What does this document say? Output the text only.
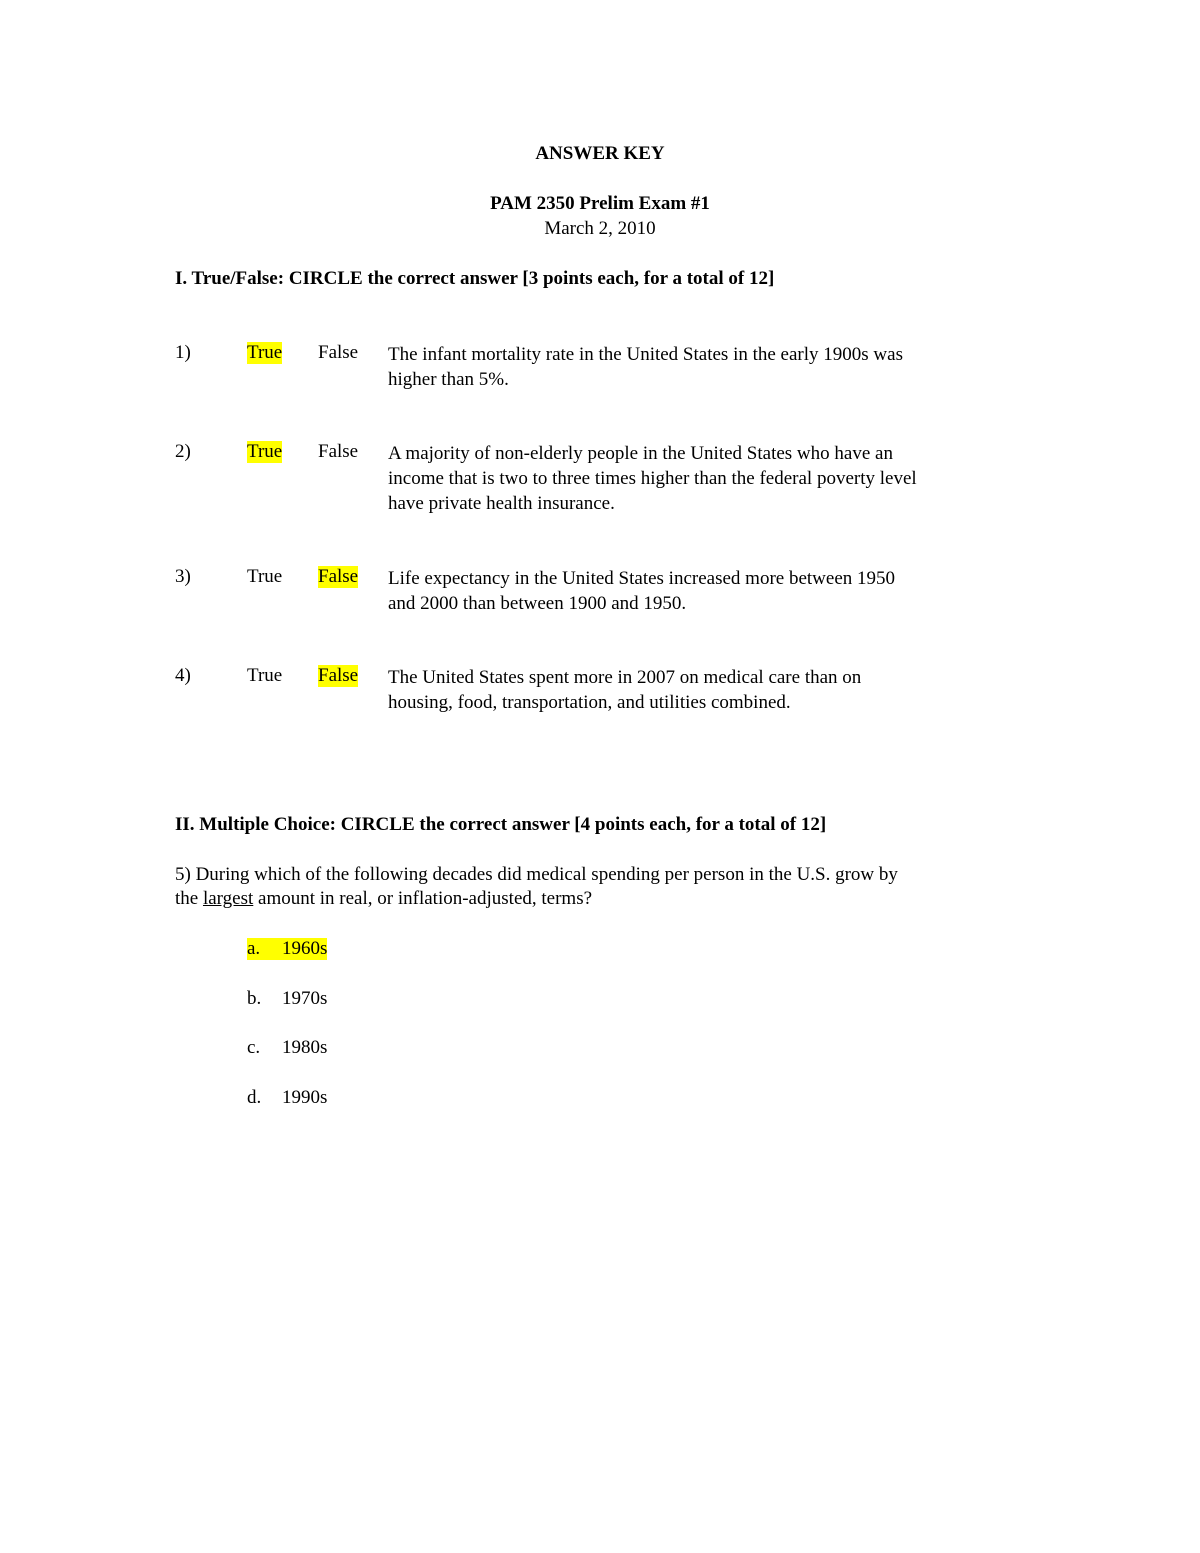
ANSWER KEY
PAM 2350 Prelim Exam #1
March 2, 2010
I. True/False: CIRCLE the correct answer [3 points each, for a total of 12]
1)	True False The infant mortality rate in the United States in the early 1900s was
higher than 5%.
2)	True False A majority of non-elderly people in the United States who have an
income that is two to three times higher than the federal poverty level
have private health insurance.
3)	True False Life expectancy in the United States increased more between 1950
and 2000 than between 1900 and 1950.
4)	True False The United States spent more in 2007 on medical care than on
housing, food, transportation, and utilities combined.
II. Multiple Choice: CIRCLE the correct answer [4 points each, for a total of 12]
5) During which of the following decades did medical spending per person in the U.S. grow by
the largest amount in real, or inflation-adjusted, terms?
a. 1960s
b. 1970s
c. 1980s
d. 1990s
